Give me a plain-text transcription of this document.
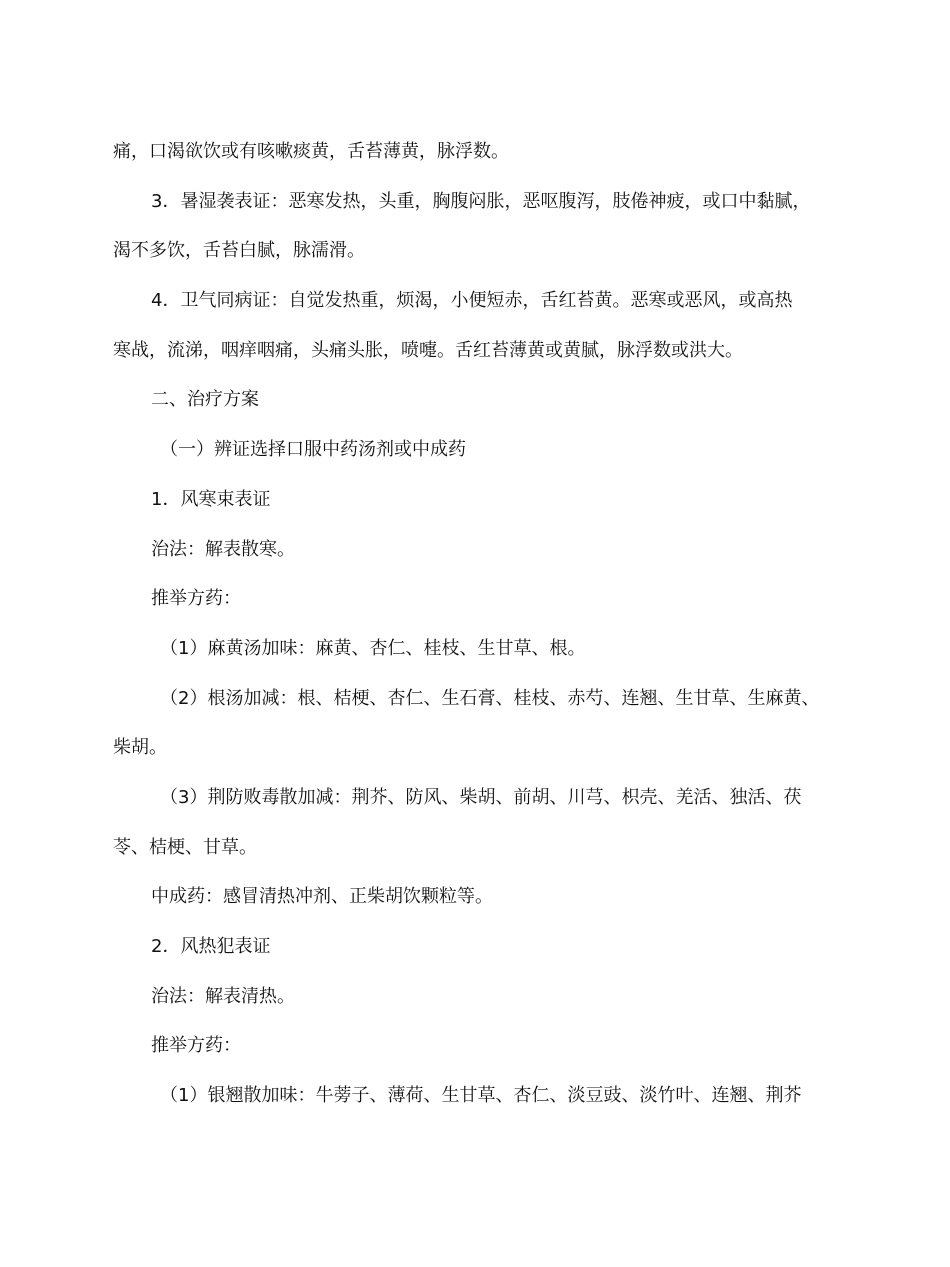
痛，口渴欲饮或有咳嗽痰黄，舌苔薄黄，脉浮数。
3．暑湿袭表证：恶寒发热，头重，胸腹闷胀，恶呕腹泻，肢倦神疲，或口中黏腻，
渴不多饮，舌苔白腻，脉濡滑。
4．卫气同病证：自觉发热重，烦渴，小便短赤，舌红苔黄。恶寒或恶风，或高热
寒战，流涕，咽痒咽痛，头痛头胀，喷嚏。舌红苔薄黄或黄腻，脉浮数或洪大。
二、治疗方案
（一）辨证选择口服中药汤剂或中成药
1．风寒束表证
治法：解表散寒。
推举方药：
（1）麻黄汤加味：麻黄、杏仁、桂枝、生甘草、根。
（2）根汤加减：根、桔梗、杏仁、生石膏、桂枝、赤芍、连翘、生甘草、生麻黄、
柴胡。
（3）荆防败毒散加减：荆芥、防风、柴胡、前胡、川芎、枳壳、羌活、独活、茯
苓、桔梗、甘草。
中成药：感冒清热冲剂、正柴胡饮颗粒等。
2．风热犯表证
治法：解表清热。
推举方药：
（1）银翘散加味：牛蒡子、薄荷、生甘草、杏仁、淡豆豉、淡竹叶、连翘、荆芥
